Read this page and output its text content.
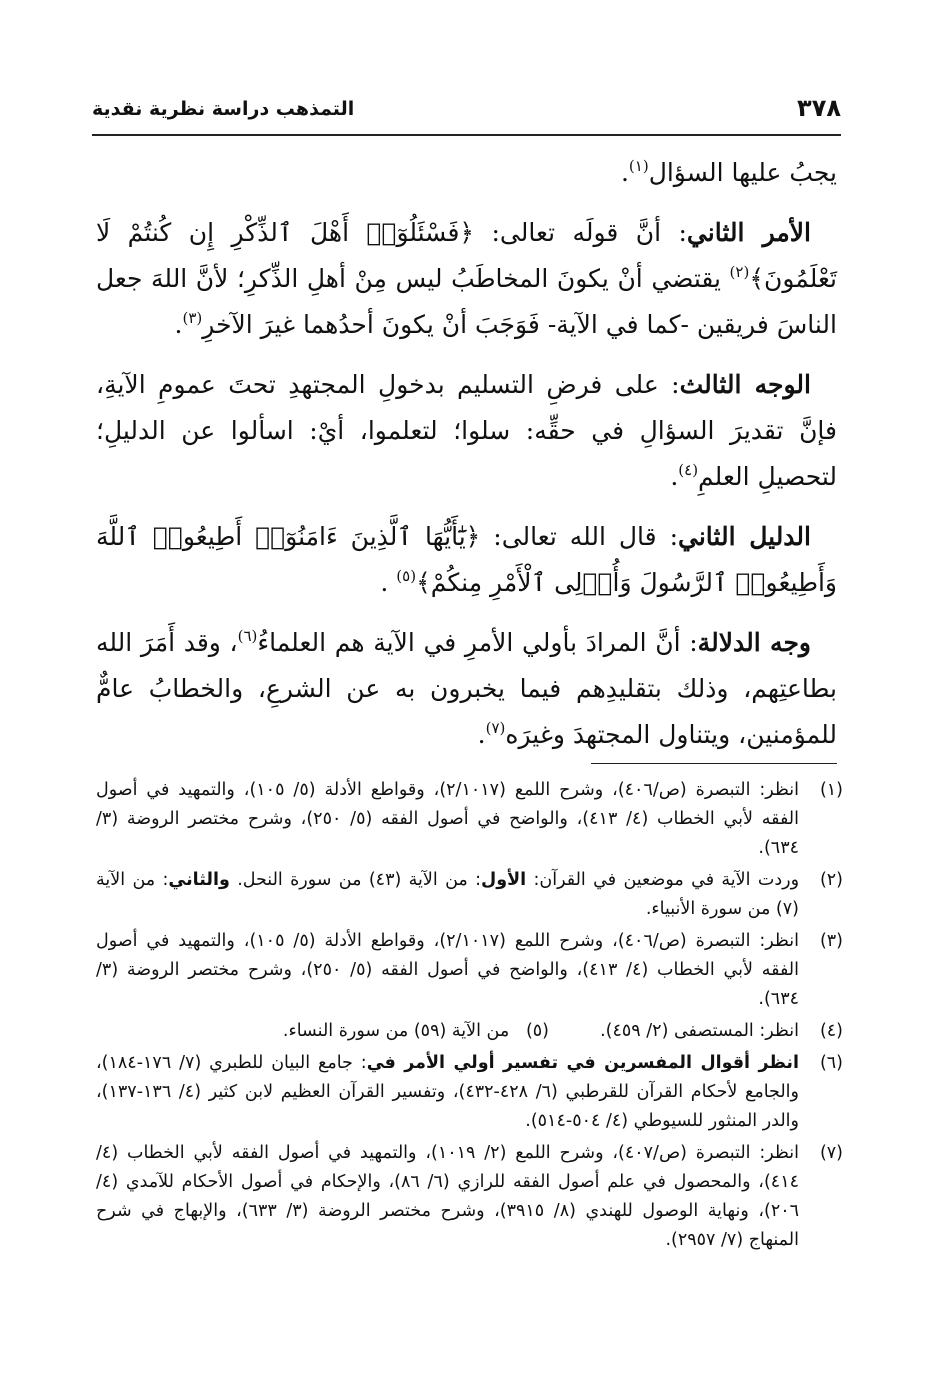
٣٧٨
التمذهب دراسة نظرية نقدية

يجبُ عليها السؤال$^{(١)}$.

الأمر الثاني: أنَّ قولَه تعالى: ﴿فَسْئَلُوٓا۟ أَهْلَ ٱلذِّكْرِ إِن كُنتُمْ لَا تَعْلَمُونَ﴾$^{(٢)}$ يقتضي أنْ يكونَ المخاطَبُ ليس مِنْ أهلِ الذِّكرِ؛ لأنَّ اللهَ جعل الناسَ فريقين -كما في الآية- فَوَجَبَ أنْ يكونَ أحدُهما غيرَ الآخرِ$^{(٣)}$.

الوجه الثالث: على فرضِ التسليم بدخولِ المجتهدِ تحتَ عمومِ الآيةِ، فإنَّ تقديرَ السؤالِ في حقِّه: سلوا؛ لتعلموا، أيْ: اسألوا عن الدليلِ؛ لتحصيلِ العلمِ$^{(٤)}$.

الدليل الثاني: قال الله تعالى: ﴿يَٰٓأَيُّهَا ٱلَّذِينَ ءَامَنُوٓا۟ أَطِيعُوا۟ ٱللَّهَ وَأَطِيعُوا۟ ٱلرَّسُولَ وَأُو۟لِى ٱلْأَمْرِ مِنكُمْ﴾$^{(٥)}$ .

وجه الدلالة: أنَّ المرادَ بأولي الأمرِ في الآية هم العلماءُ$^{(٦)}$، وقد أَمَرَ الله بطاعتِهم، وذلك بتقليدِهم فيما يخبرون به عن الشرعِ، والخطابُ عامٌّ للمؤمنين، ويتناول المجتهدَ وغيرَه$^{(٧)}$.

(١)
انظر: التبصرة (ص/٤٠٦)، وشرح اللمع (٢/١٠١٧)، وقواطع الأدلة (٥/ ١٠٥)، والتمهيد في أصول الفقه لأبي الخطاب (٤/ ٤١٣)، والواضح في أصول الفقه (٥/ ٢٥٠)، وشرح مختصر الروضة (٣/ ٦٣٤).
(٢)
وردت الآية في موضعين في القرآن: الأول: من الآية (٤٣) من سورة النحل. والثاني: من الآية (٧) من سورة الأنبياء.
(٣)
انظر: التبصرة (ص/٤٠٦)، وشرح اللمع (٢/١٠١٧)، وقواطع الأدلة (٥/ ١٠٥)، والتمهيد في أصول الفقه لأبي الخطاب (٤/ ٤١٣)، والواضح في أصول الفقه (٥/ ٢٥٠)، وشرح مختصر الروضة (٣/ ٦٣٤).
(٤)
انظر: المستصفى (٢/ ٤٥٩).
(٥)   من الآية (٥٩) من سورة النساء.
(٦)
انظر أقوال المفسرين في تفسير أولي الأمر في: جامع البيان للطبري (٧/ ١٧٦-١٨٤)، والجامع لأحكام القرآن للقرطبي (٦/ ٤٢٨-٤٣٢)، وتفسير القرآن العظيم لابن كثير (٤/ ١٣٦-١٣٧)، والدر المنثور للسيوطي (٤/ ٥٠٤-٥١٤).
(٧)
انظر: التبصرة (ص/٤٠٧)، وشرح اللمع (٢/ ١٠١٩)، والتمهيد في أصول الفقه لأبي الخطاب (٤/ ٤١٤)، والمحصول في علم أصول الفقه للرازي (٦/ ٨٦)، والإحكام في أصول الأحكام للآمدي (٤/ ٢٠٦)، ونهاية الوصول للهندي (٨/ ٣٩١٥)، وشرح مختصر الروضة (٣/ ٦٣٣)، والإبهاج في شرح المنهاج (٧/ ٢٩٥٧).
